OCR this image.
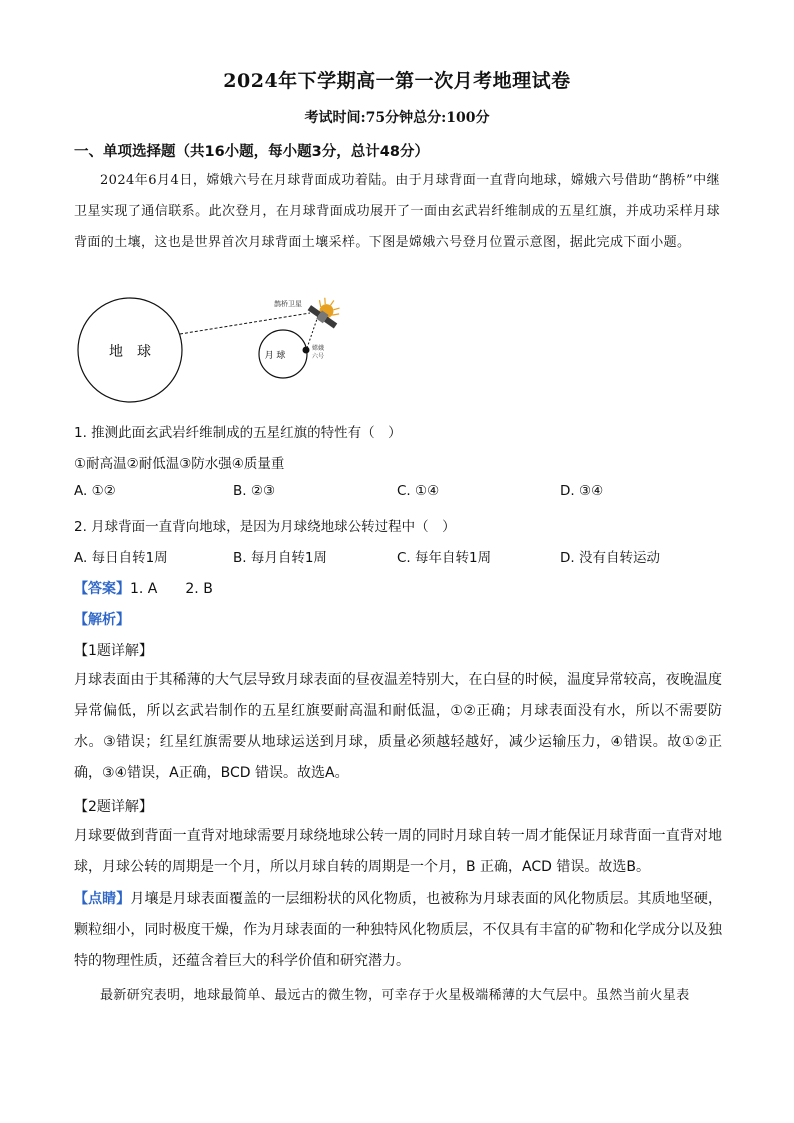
2024年下学期高一第一次月考地理试卷
考试时间:75分钟总分:100分
一、单项选择题（共16小题，每小题3分，总计48分）
2024年6月4日，嫦娥六号在月球背面成功着陆。由于月球背面一直背向地球，嫦娥六号借助“鹊桥”中继卫星实现了通信联系。此次登月，在月球背面成功展开了一面由玄武岩纤维制成的五星红旗，并成功采样月球背面的土壤，这也是世界首次月球背面土壤采样。下图是嫦娥六号登月位置示意图，据此完成下面小题。
地　球	月 球
鹊桥卫星
嫦娥
六号
1. 推测此面玄武岩纤维制成的五星红旗的特性有（　）
①耐高温②耐低温③防水强④质量重
A. ①②	B. ②③	C. ①④	D. ③④
2. 月球背面一直背向地球，是因为月球绕地球公转过程中（　）
A. 每日自转1周	B. 每月自转1周	C. 每年自转1周	D. 没有自转运动
【答案】1. A　　2. B
【解析】
【1题详解】
月球表面由于其稀薄的大气层导致月球表面的昼夜温差特别大，在白昼的时候，温度异常较高，夜晚温度异常偏低，所以玄武岩制作的五星红旗要耐高温和耐低温，①②正确；月球表面没有水，所以不需要防水。③错误；红星红旗需要从地球运送到月球，质量必须越轻越好，减少运输压力，④错误。故①②正确，③④错误，A正确，BCD 错误。故选A。
【2题详解】
月球要做到背面一直背对地球需要月球绕地球公转一周的同时月球自转一周才能保证月球背面一直背对地球，月球公转的周期是一个月，所以月球自转的周期是一个月，B 正确，ACD 错误。故选B。
【点睛】月壤是月球表面覆盖的一层细粉状的风化物质，也被称为月球表面的风化物质层。其质地坚硬，颗粒细小，同时极度干燥，作为月球表面的一种独特风化物质层，不仅具有丰富的矿物和化学成分以及独特的物理性质，还蕴含着巨大的科学价值和研究潜力。
最新研究表明，地球最简单、最远古的微生物，可幸存于火星极端稀薄的大气层中。虽然当前火星表
